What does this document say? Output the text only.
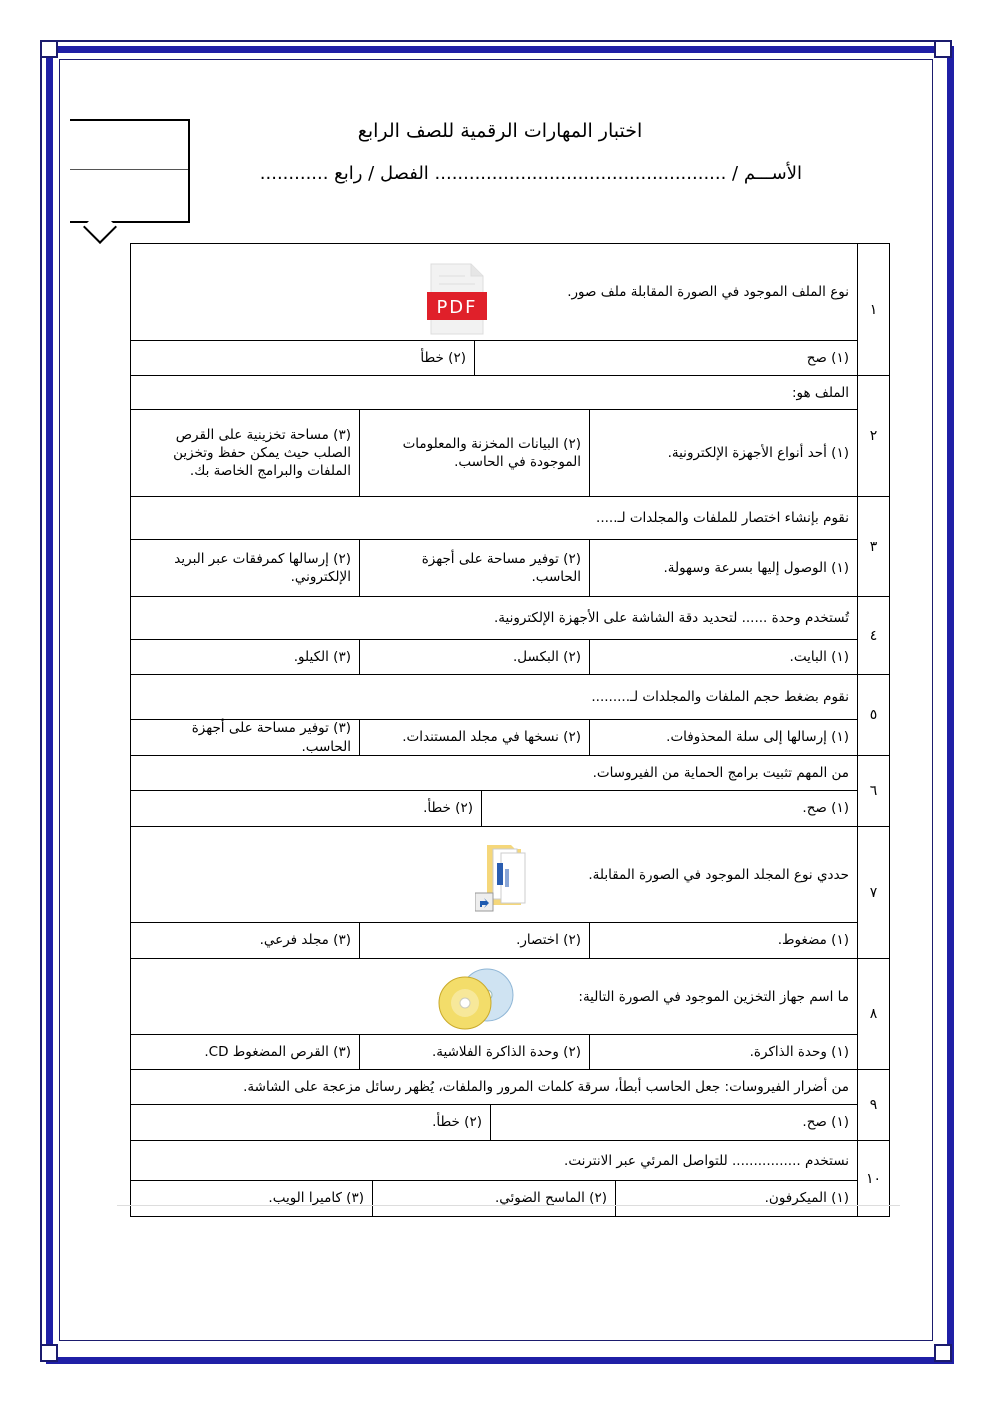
اختبار المهارات الرقمية للصف الرابع
الأســـم / ................................................... الفصل / رابع ............
١
نوع الملف الموجود في الصورة المقابلة ملف صور.
PDF
(١) صح
(٢) خطأ
٢
الملف هو:
(١) أحد أنواع الأجهزة الإلكترونية.
(٢) البيانات المخزنة والمعلومات الموجودة في الحاسب.
(٣) مساحة تخزينية على القرص الصلب حيث يمكن حفظ وتخزين الملفات والبرامج الخاصة بك.
٣
نقوم بإنشاء اختصار للملفات والمجلدات لـ.....
(١) الوصول إليها بسرعة وسهولة.
(٢) توفير مساحة على أجهزة الحاسب.
(٢) إرسالها كمرفقات عبر البريد الإلكتروني.
٤
تُستخدم وحدة ...... لتحديد دقة الشاشة على الأجهزة الإلكترونية.
(١) البايت.
(٢) البكسل.
(٣) الكيلو.
٥
نقوم بضغط حجم الملفات والمجلدات لـ.........
(١) إرسالها إلى سلة المحذوفات.
(٢) نسخها في مجلد المستندات.
(٣) توفير مساحة على أجهزة الحاسب.
٦
من المهم تثبيت برامج الحماية من الفيروسات.
(١) صح.
(٢) خطأ.
٧
حددي نوع المجلد الموجود في الصورة المقابلة.
(١) مضغوط.
(٢) اختصار.
(٣) مجلد فرعي.
٨
ما اسم جهاز التخزين الموجود في الصورة التالية:
(١) وحدة الذاكرة.
(٢) وحدة الذاكرة الفلاشية.
(٣) القرص المضغوط CD.
٩
من أضرار الفيروسات: جعل الحاسب أبطأ، سرقة كلمات المرور والملفات، يُظهر رسائل مزعجة على الشاشة.
(١) صح.
(٢) خطأ.
١٠
نستخدم ................ للتواصل المرئي عبر الانترنت.
(١) الميكرفون.
(٢) الماسح الضوئي.
(٣) كاميرا الويب.
